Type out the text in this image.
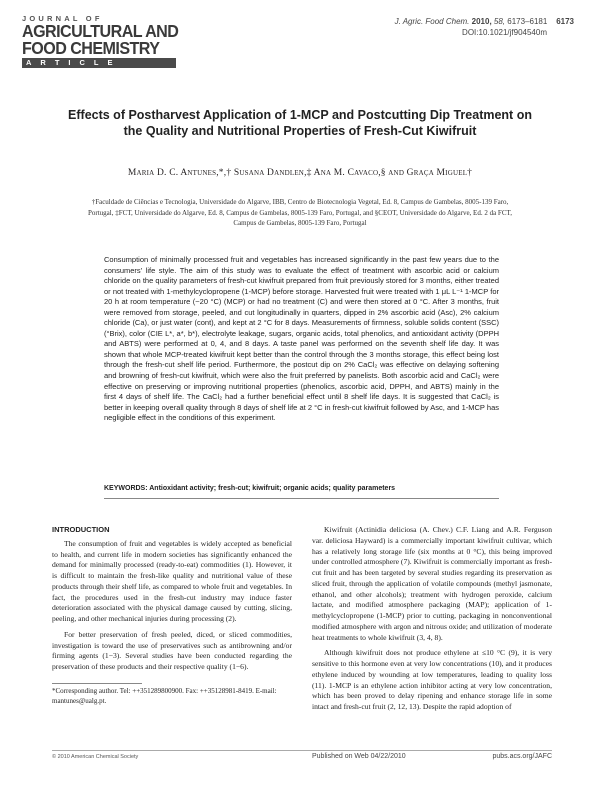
JOURNAL OF
AGRICULTURAL AND
FOOD CHEMISTRY
ARTICLE
J. Agric. Food Chem. 2010, 58, 6173–6181 6173
DOI:10.1021/jf904540m
Effects of Postharvest Application of 1-MCP and Postcutting Dip Treatment on the Quality and Nutritional Properties of Fresh-Cut Kiwifruit
Maria D. C. Antunes,*,† Susana Dandlen,‡ Ana M. Cavaco,§ and Graça Miguel†
†Faculdade de Ciências e Tecnologia, Universidade do Algarve, IBB, Centro de Biotecnologia Vegetal, Ed. 8, Campus de Gambelas, 8005-139 Faro, Portugal, ‡FCT, Universidade do Algarve, Ed. 8, Campus de Gambelas, 8005-139 Faro, Portugal, and §CEOT, Universidade do Algarve, Ed. 2 da FCT, Campus de Gambelas, 8005-139 Faro, Portugal
Consumption of minimally processed fruit and vegetables has increased significantly in the past few years due to the consumers' life style. The aim of this study was to evaluate the effect of treatment with ascorbic acid or calcium chloride on the quality parameters of fresh-cut kiwifruit prepared from fruit previously stored for 3 months, either treated or not treated with 1-methylcyclopropene (1-MCP) before storage. Harvested fruit were treated with 1 μL L⁻¹ 1-MCP for 20 h at room temperature (~20 °C) (MCP) or had no treatment (C) and were then stored at 0 °C. After 3 months, fruit were removed from storage, peeled, and cut longitudinally in quarters, dipped in 2% ascorbic acid (Asc), 2% calcium chloride (Ca), or just water (cont), and kept at 2 °C for 8 days. Measurements of firmness, soluble solids content (SSC) (°Brix), color (CIE L*, a*, b*), electrolyte leakage, sugars, organic acids, total phenolics, and antioxidant activity (DPPH and ABTS) were performed at 0, 4, and 8 days. A taste panel was performed on the seventh shelf life day. It was shown that whole MCP-treated kiwifruit kept better than the control through the 3 months storage, this effect being lost through the fresh-cut shelf life period. Furthermore, the postcut dip on 2% CaCl₂ was effective on delaying softening and browning of fresh-cut kiwifruit, which were also the fruit preferred by panelists. Both ascorbic acid and CaCl₂ were effective on preserving or improving nutritional properties (phenolics, ascorbic acid, DPPH, and ABTS) mainly in the first 4 days of shelf life. The CaCl₂ had a further beneficial effect until 8 shelf life days. It is suggested that CaCl₂ is better in keeping overall quality through 8 days of shelf life at 2 °C in fresh-cut kiwifruit followed by Asc, and 1-MCP has negligible effect in the conditions of this experiment.
KEYWORDS: Antioxidant activity; fresh-cut; kiwifruit; organic acids; quality parameters
INTRODUCTION

The consumption of fruit and vegetables is widely accepted as beneficial to health, and current life in modern societies has significantly enhanced the demand for minimally processed (ready-to-eat) commodities (1). However, it is difficult to maintain the fresh-like quality and nutritional value of these products through their shelf life, as compared to whole fruit and vegetables. In fact, the procedures used in the fresh-cut industry may induce faster deterioration associated with the physical damage caused by cutting, slicing, peeling, and other mechanical injuries during processing (2).

For better preservation of fresh peeled, diced, or sliced commodities, investigation is toward the use of preservatives such as antibrowning and/or firming agents (1−3). Several studies have been conducted regarding the preservation of these products and their respective quality (1−6).

*Corresponding author. Tel: ++351289800900. Fax: ++35128981-8419. E-mail: mantunes@ualg.pt.

Kiwifruit (Actinidia deliciosa (A. Chev.) C.F. Liang and A.R. Ferguson var. deliciosa Hayward) is a commercially important kiwifruit cultivar, which has a relatively long storage life (six months at 0 °C), this being improved under controlled atmosphere (7). Kiwifruit is commercially important as fresh-cut fruit and has been targeted by several studies regarding its preservation as sliced fruit, through the application of volatile compounds (methyl jasmonate, ethanol, and other alcohols); treatment with hydrogen peroxide, calcium lactate, and modified atmosphere packaging (MAP); application of 1-methylcyclopropene (1-MCP) prior to cutting, packaging in nonconventional modified atmosphere with argon and nitrous oxide; and utilization of moderate heat treatments to whole kiwifruit (3, 4, 8).

Although kiwifruit does not produce ethylene at ≤10 °C (9), it is very sensitive to this hormone even at very low concentrations (10), and it produces ethylene induced by wounding at low temperatures, leading to quality loss (11). 1-MCP is an ethylene action inhibitor acting at very low concentration, which has been proved to delay ripening and enhance storage life in some intact and fresh-cut fruit (2, 12, 13). Despite the rapid adoption of

© 2010 American Chemical Society	Published on Web 04/22/2010	pubs.acs.org/JAFC
